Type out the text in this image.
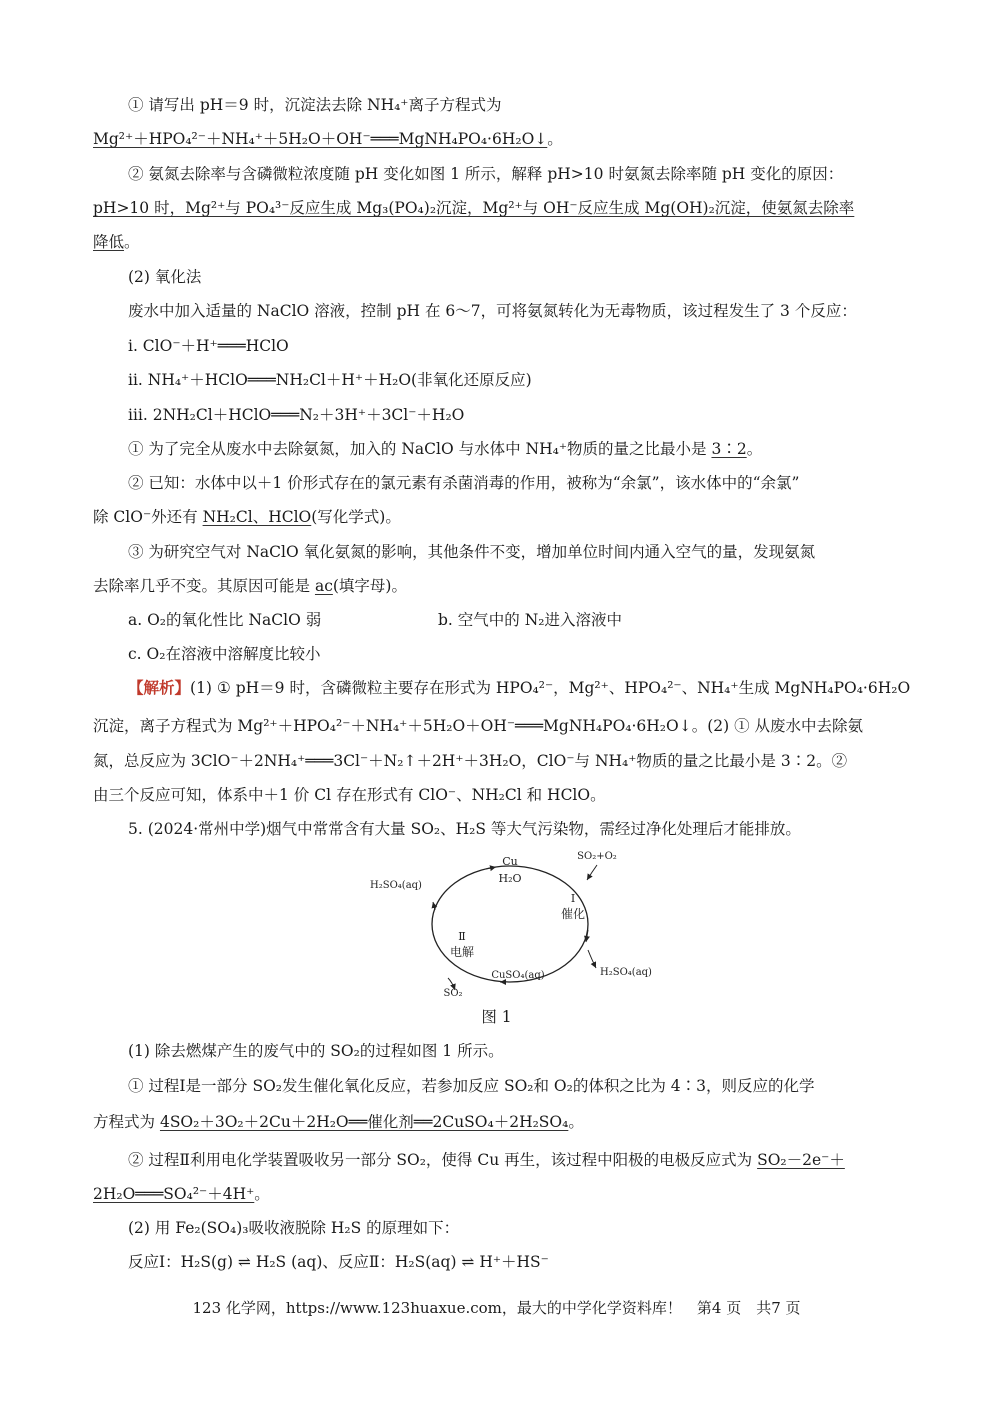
① 请写出 pH＝9 时，沉淀法去除 NH₄⁺离子方程式为
Mg²⁺＋HPO₄²⁻＋NH₄⁺＋5H₂O＋OH⁻═══MgNH₄PO₄·6H₂O↓。
② 氨氮去除率与含磷微粒浓度随 pH 变化如图 1 所示，解释 pH>10 时氨氮去除率随 pH 变化的原因：
pH>10 时，Mg²⁺与 PO₄³⁻反应生成 Mg₃(PO₄)₂沉淀，Mg²⁺与 OH⁻反应生成 Mg(OH)₂沉淀，使氨氮去除率
降低。
(2) 氧化法
废水中加入适量的 NaClO 溶液，控制 pH 在 6～7，可将氨氮转化为无毒物质，该过程发生了 3 个反应：
ⅰ. ClO⁻＋H⁺═══HClO
ⅱ. NH₄⁺＋HClO═══NH₂Cl＋H⁺＋H₂O(非氧化还原反应)
ⅲ. 2NH₂Cl＋HClO═══N₂＋3H⁺＋3Cl⁻＋H₂O
① 为了完全从废水中去除氨氮，加入的 NaClO 与水体中 NH₄⁺物质的量之比最小是 3∶2。
② 已知：水体中以＋1 价形式存在的氯元素有杀菌消毒的作用，被称为“余氯”，该水体中的“余氯”
除 ClO⁻外还有 NH₂Cl、HClO(写化学式)。
③ 为研究空气对 NaClO 氧化氨氮的影响，其他条件不变，增加单位时间内通入空气的量，发现氨氮
去除率几乎不变。其原因可能是 ac(填字母)。
a. O₂的氧化性比 NaClO 弱	b. 空气中的 N₂进入溶液中
c. O₂在溶液中溶解度比较小
【解析】(1) ① pH＝9 时，含磷微粒主要存在形式为 HPO₄²⁻，Mg²⁺、HPO₄²⁻、NH₄⁺生成 MgNH₄PO₄·6H₂O
沉淀，离子方程式为 Mg²⁺＋HPO₄²⁻＋NH₄⁺＋5H₂O＋OH⁻═══MgNH₄PO₄·6H₂O↓。(2) ① 从废水中去除氨
氮，总反应为 3ClO⁻＋2NH₄⁺═══3Cl⁻＋N₂↑＋2H⁺＋3H₂O，ClO⁻与 NH₄⁺物质的量之比最小是 3∶2。②
由三个反应可知，体系中＋1 价 Cl 存在形式有 ClO⁻、NH₂Cl 和 HClO。
5. (2024·常州中学)烟气中常常含有大量 SO₂、H₂S 等大气污染物，需经过净化处理后才能排放。
Cu
H₂O
SO₂+O₂
H₂SO₄(aq)
Ⅰ
催化
Ⅱ
电解
CuSO₄(aq)	H₂SO₄(aq)
SO₂
图 1
(1) 除去燃煤产生的废气中的 SO₂的过程如图 1 所示。
① 过程Ⅰ是一部分 SO₂发生催化氧化反应，若参加反应 SO₂和 O₂的体积之比为 4∶3，则反应的化学
方程式为 4SO₂＋3O₂＋2Cu＋2H₂O══催化剂══2CuSO₄＋2H₂SO₄。
② 过程Ⅱ利用电化学装置吸收另一部分 SO₂，使得 Cu 再生，该过程中阳极的电极反应式为 SO₂－2e⁻＋
2H₂O═══SO₄²⁻＋4H⁺。
(2) 用 Fe₂(SO₄)₃吸收液脱除 H₂S 的原理如下：
反应Ⅰ：H₂S(g) ⇌ H₂S (aq)、反应Ⅱ：H₂S(aq) ⇌ H⁺＋HS⁻
123 化学网，https://www.123huaxue.com，最大的中学化学资料库！　第4 页　共7 页
